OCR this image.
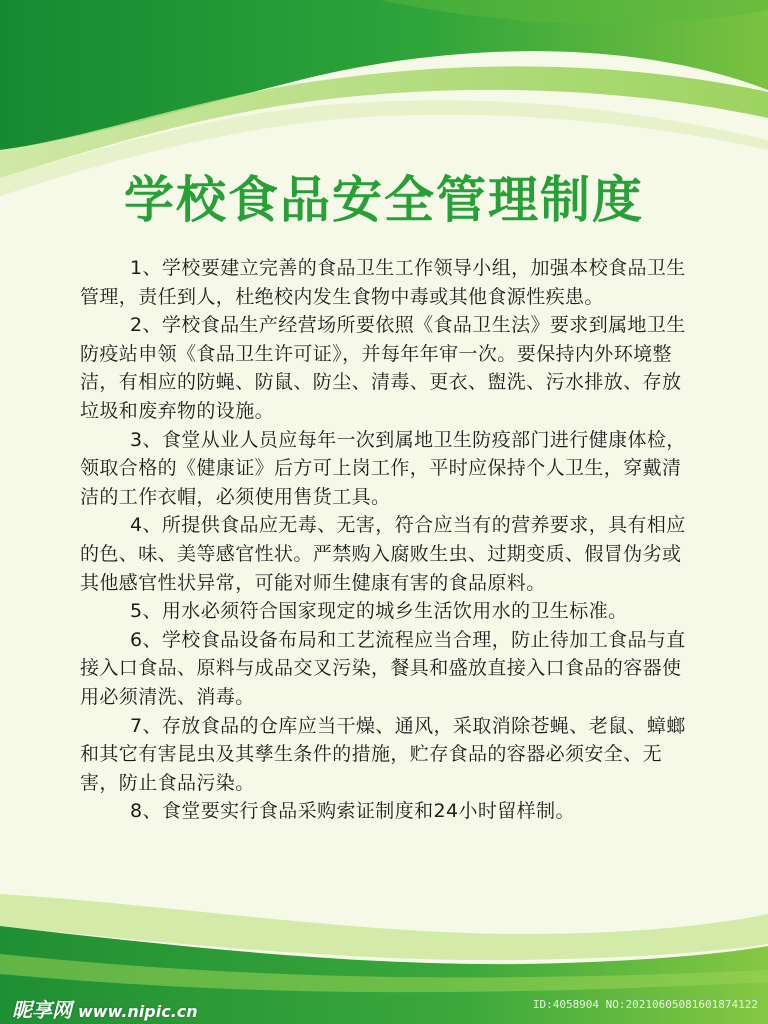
学校食品安全管理制度

1、学校要建立完善的食品卫生工作领导小组，加强本校食品卫生管理，责任到人，杜绝校内发生食物中毒或其他食源性疾患。

2、学校食品生产经营场所要依照《食品卫生法》要求到属地卫生防疫站申领《食品卫生许可证》，并每年年审一次。要保持内外环境整洁，有相应的防蝇、防鼠、防尘、清毒、更衣、盥洗、污水排放、存放垃圾和废弃物的设施。

3、食堂从业人员应每年一次到属地卫生防疫部门进行健康体检，领取合格的《健康证》后方可上岗工作，平时应保持个人卫生，穿戴清洁的工作衣帽，必须使用售货工具。

4、所提供食品应无毒、无害，符合应当有的营养要求，具有相应的色、味、美等感官性状。严禁购入腐败生虫、过期变质、假冒伪劣或其他感官性状异常，可能对师生健康有害的食品原料。

5、用水必须符合国家现定的城乡生活饮用水的卫生标准。

6、学校食品设备布局和工艺流程应当合理，防止待加工食品与直接入口食品、原料与成品交叉污染，餐具和盛放直接入口食品的容器使用必须清洗、消毒。

7、存放食品的仓库应当干燥、通风，采取消除苍蝇、老鼠、蟑螂和其它有害昆虫及其孳生条件的措施，贮存食品的容器必须安全、无害，防止食品污染。

8、食堂要实行食品采购索证制度和24小时留样制。

昵享网 www.nipic.cn	ID:4058904 NO:20210605081601874122
